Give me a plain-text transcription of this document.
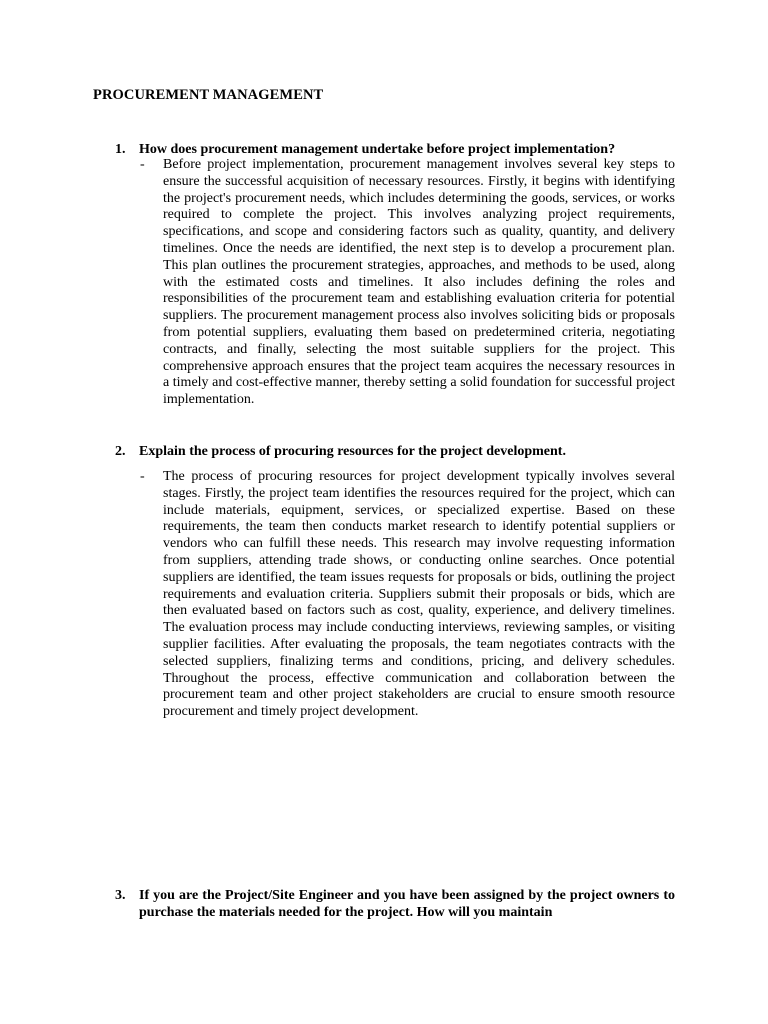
PROCUREMENT MANAGEMENT
1. How does procurement management undertake before project implementation?
- Before project implementation, procurement management involves several key steps to ensure the successful acquisition of necessary resources. Firstly, it begins with identifying the project's procurement needs, which includes determining the goods, services, or works required to complete the project. This involves analyzing project requirements, specifications, and scope and considering factors such as quality, quantity, and delivery timelines. Once the needs are identified, the next step is to develop a procurement plan. This plan outlines the procurement strategies, approaches, and methods to be used, along with the estimated costs and timelines. It also includes defining the roles and responsibilities of the procurement team and establishing evaluation criteria for potential suppliers. The procurement management process also involves soliciting bids or proposals from potential suppliers, evaluating them based on predetermined criteria, negotiating contracts, and finally, selecting the most suitable suppliers for the project. This comprehensive approach ensures that the project team acquires the necessary resources in a timely and cost-effective manner, thereby setting a solid foundation for successful project implementation.
2. Explain the process of procuring resources for the project development.
- The process of procuring resources for project development typically involves several stages. Firstly, the project team identifies the resources required for the project, which can include materials, equipment, services, or specialized expertise. Based on these requirements, the team then conducts market research to identify potential suppliers or vendors who can fulfill these needs. This research may involve requesting information from suppliers, attending trade shows, or conducting online searches. Once potential suppliers are identified, the team issues requests for proposals or bids, outlining the project requirements and evaluation criteria. Suppliers submit their proposals or bids, which are then evaluated based on factors such as cost, quality, experience, and delivery timelines. The evaluation process may include conducting interviews, reviewing samples, or visiting supplier facilities. After evaluating the proposals, the team negotiates contracts with the selected suppliers, finalizing terms and conditions, pricing, and delivery schedules. Throughout the process, effective communication and collaboration between the procurement team and other project stakeholders are crucial to ensure smooth resource procurement and timely project development.
3. If you are the Project/Site Engineer and you have been assigned by the project owners to purchase the materials needed for the project. How will you maintain
